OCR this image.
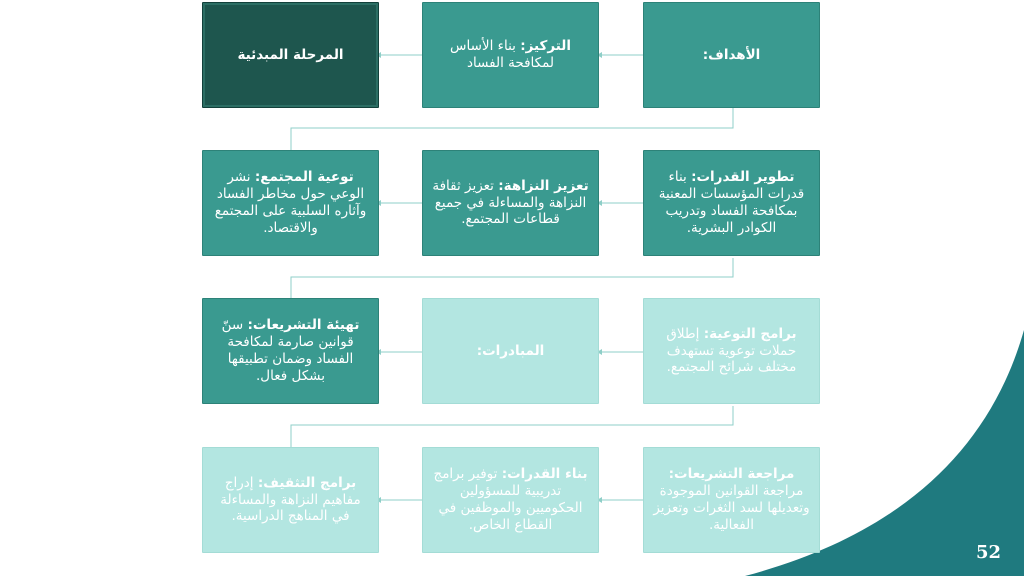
الأهداف:

التركيز: بناء الأساس لمكافحة الفساد

المرحلة المبدئية

تطوير القدرات: بناء قدرات المؤسسات المعنية بمكافحة الفساد وتدريب الكوادر البشرية.

تعزيز النزاهة: تعزيز ثقافة النزاهة والمساءلة في جميع قطاعات المجتمع.

توعية المجتمع: نشر الوعي حول مخاطر الفساد وآثاره السلبية على المجتمع والاقتصاد.

برامج التوعية: إطلاق حملات توعوية تستهدف مختلف شرائح المجتمع.

المبادرات:

تهيئة التشريعات: سنّ قوانين صارمة لمكافحة الفساد وضمان تطبيقها بشكل فعال.

مراجعة التشريعات: مراجعة القوانين الموجودة وتعديلها لسد الثغرات وتعزيز الفعالية.

بناء القدرات: توفير برامج تدريبية للمسؤولين الحكوميين والموظفين في القطاع الخاص.

برامج التثقيف: إدراج مفاهيم النزاهة والمساءلة في المناهج الدراسية.

52
